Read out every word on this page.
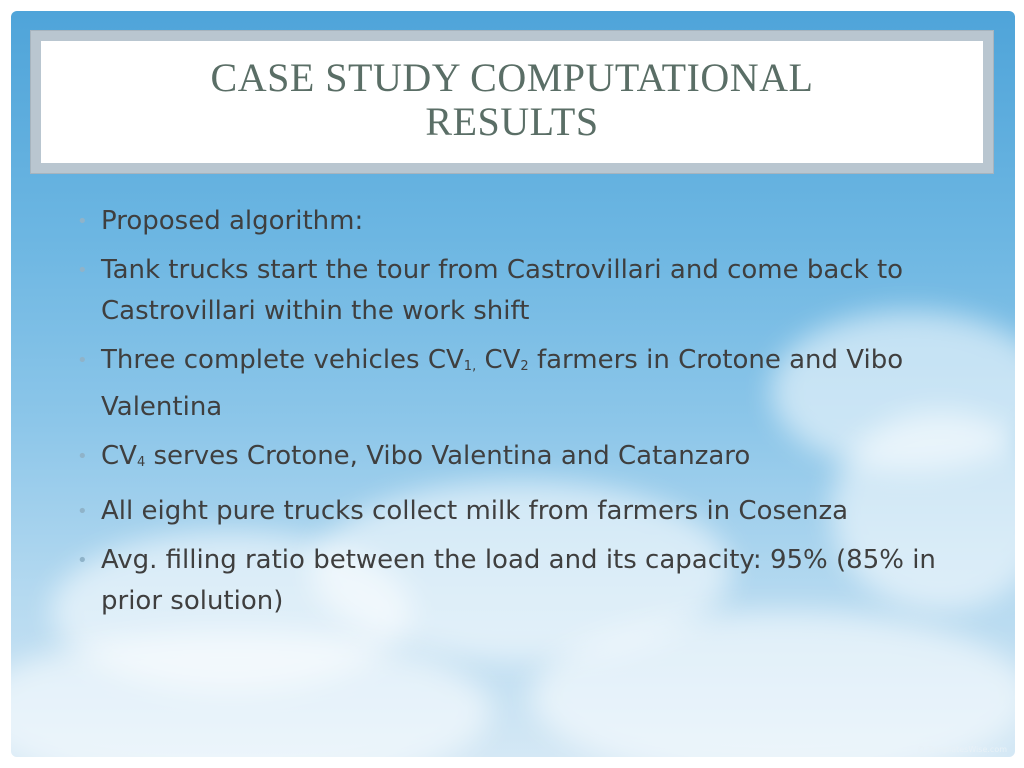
CASE STUDY COMPUTATIONAL RESULTS
• Proposed algorithm:
• Tank trucks start the tour from Castrovillari and come back to Castrovillari within the work shift
• Three complete vehicles CV1, CV2 farmers in Crotone and Vibo Valentina
• CV4 serves Crotone, Vibo Valentina and Catanzaro
• All eight pure trucks collect milk from farmers in Cosenza
• Avg. filling ratio between the load and its capacity: 95% (85% in prior solution)
© TemplatesWise.com
